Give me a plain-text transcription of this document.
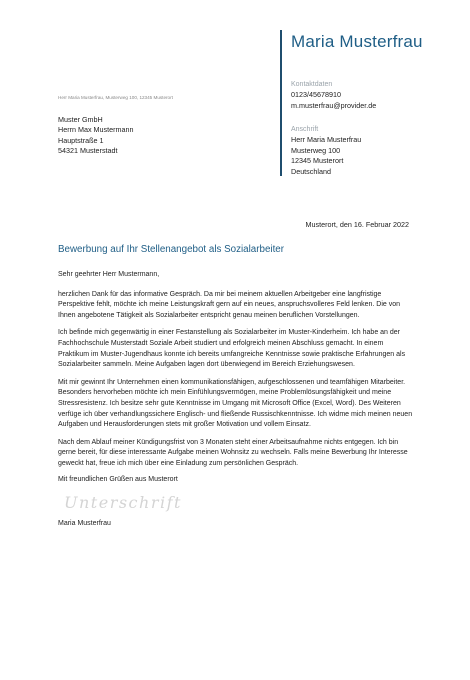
Maria Musterfrau
Kontaktdaten
0123/45678910
m.musterfrau@provider.de
Anschrift
Herr Maria Musterfrau
Musterweg 100
12345 Musterort
Deutschland
Herr Maria Musterfrau, Musterweg 100, 12345 Musterort
Muster GmbH
Herrn Max Mustermann
Hauptstraße 1
54321 Musterstadt
Musterort, den 16. Februar 2022
Bewerbung auf Ihr Stellenangebot als Sozialarbeiter

Sehr geehrter Herr Mustermann,

herzlichen Dank für das informative Gespräch. Da mir bei meinem aktuellen Arbeitgeber eine langfristige Perspektive fehlt, möchte ich meine Leistungskraft gern auf ein neues, anspruchsvolleres Feld lenken. Die von Ihnen angebotene Tätigkeit als Sozialarbeiter entspricht genau meinen beruflichen Vorstellungen.

Ich befinde mich gegenwärtig in einer Festanstellung als Sozialarbeiter im Muster-Kinderheim. Ich habe an der Fachhochschule Musterstadt Soziale Arbeit studiert und erfolgreich meinen Abschluss gemacht. In einem Praktikum im Muster-Jugendhaus konnte ich bereits umfangreiche Kenntnisse sowie praktische Erfahrungen als Sozialarbeiter sammeln. Meine Aufgaben lagen dort überwiegend im Bereich Erziehungswesen.

Mit mir gewinnt Ihr Unternehmen einen kommunikationsfähigen, aufgeschlossenen und teamfähigen Mitarbeiter. Besonders hervorheben möchte ich mein Einfühlungsvermögen, meine Problemlösungsfähigkeit und meine Stressresistenz. Ich besitze sehr gute Kenntnisse im Umgang mit Microsoft Office (Excel, Word). Des Weiteren verfüge ich über verhandlungssichere Englisch- und fließende Russischkenntnisse. Ich widme mich meinen neuen Aufgaben und Herausforderungen stets mit großer Motivation und vollem Einsatz.

Nach dem Ablauf meiner Kündigungsfrist von 3 Monaten steht einer Arbeitsaufnahme nichts entgegen. Ich bin gerne bereit, für diese interessante Aufgabe meinen Wohnsitz zu wechseln. Falls meine Bewerbung Ihr Interesse geweckt hat, freue ich mich über eine Einladung zum persönlichen Gespräch.

Mit freundlichen Grüßen aus Musterort
Unterschrift
Maria Musterfrau
